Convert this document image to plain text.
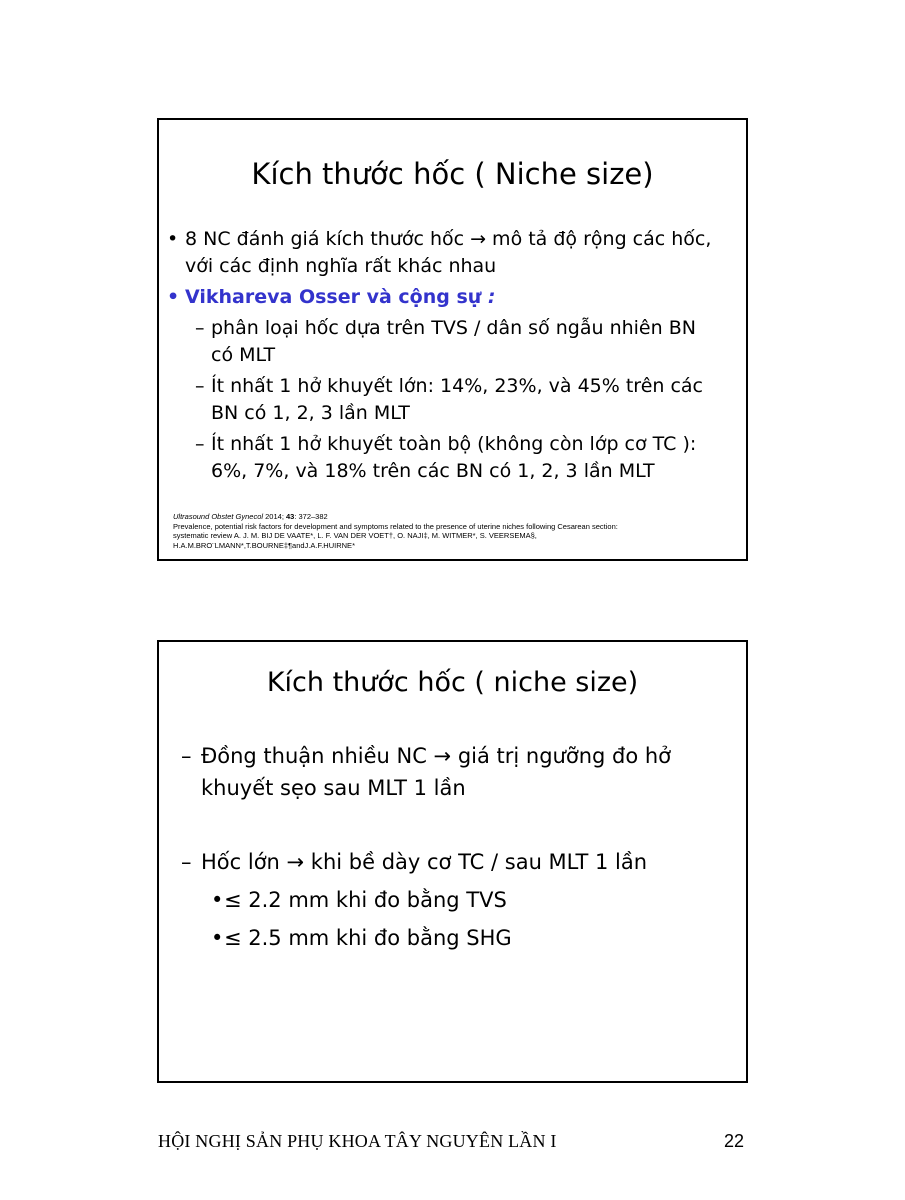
Kích thước hốc ( Niche size)
• 8 NC đánh giá kích thước hốc → mô tả độ rộng các hốc, với các định nghĩa rất khác nhau
• Vikhareva Osser và cộng sự :
– phân loại hốc dựa trên TVS / dân số ngẫu nhiên BN có MLT
– Ít nhất 1 hở khuyết lớn: 14%, 23%, và 45% trên các BN có 1, 2, 3 lần MLT
– Ít nhất 1 hở khuyết toàn bộ (không còn lớp cơ TC ): 6%, 7%, và 18% trên các BN có 1, 2, 3 lần MLT
Ultrasound Obstet Gynecol 2014; 43: 372–382
Prevalence, potential risk factors for development and symptoms related to the presence of uterine niches following Cesarean section:
systematic review A. J. M. BIJ DE VAATE*, L. F. VAN DER VOET†, O. NAJI‡, M. WITMER*, S. VEERSEMA§,
H.A.M.BRO¨LMANN*,T.BOURNE‡¶andJ.A.F.HUIRNE*
Kích thước hốc ( niche size)
– Đồng thuận nhiều NC → giá trị ngưỡng đo hở khuyết sẹo sau MLT 1 lần
– Hốc lớn → khi bề dày cơ TC / sau MLT 1 lần
• ≤ 2.2 mm khi đo bằng TVS
• ≤ 2.5 mm khi đo bằng SHG
HỘI NGHỊ SẢN PHỤ KHOA TÂY NGUYÊN LẦN I	22
